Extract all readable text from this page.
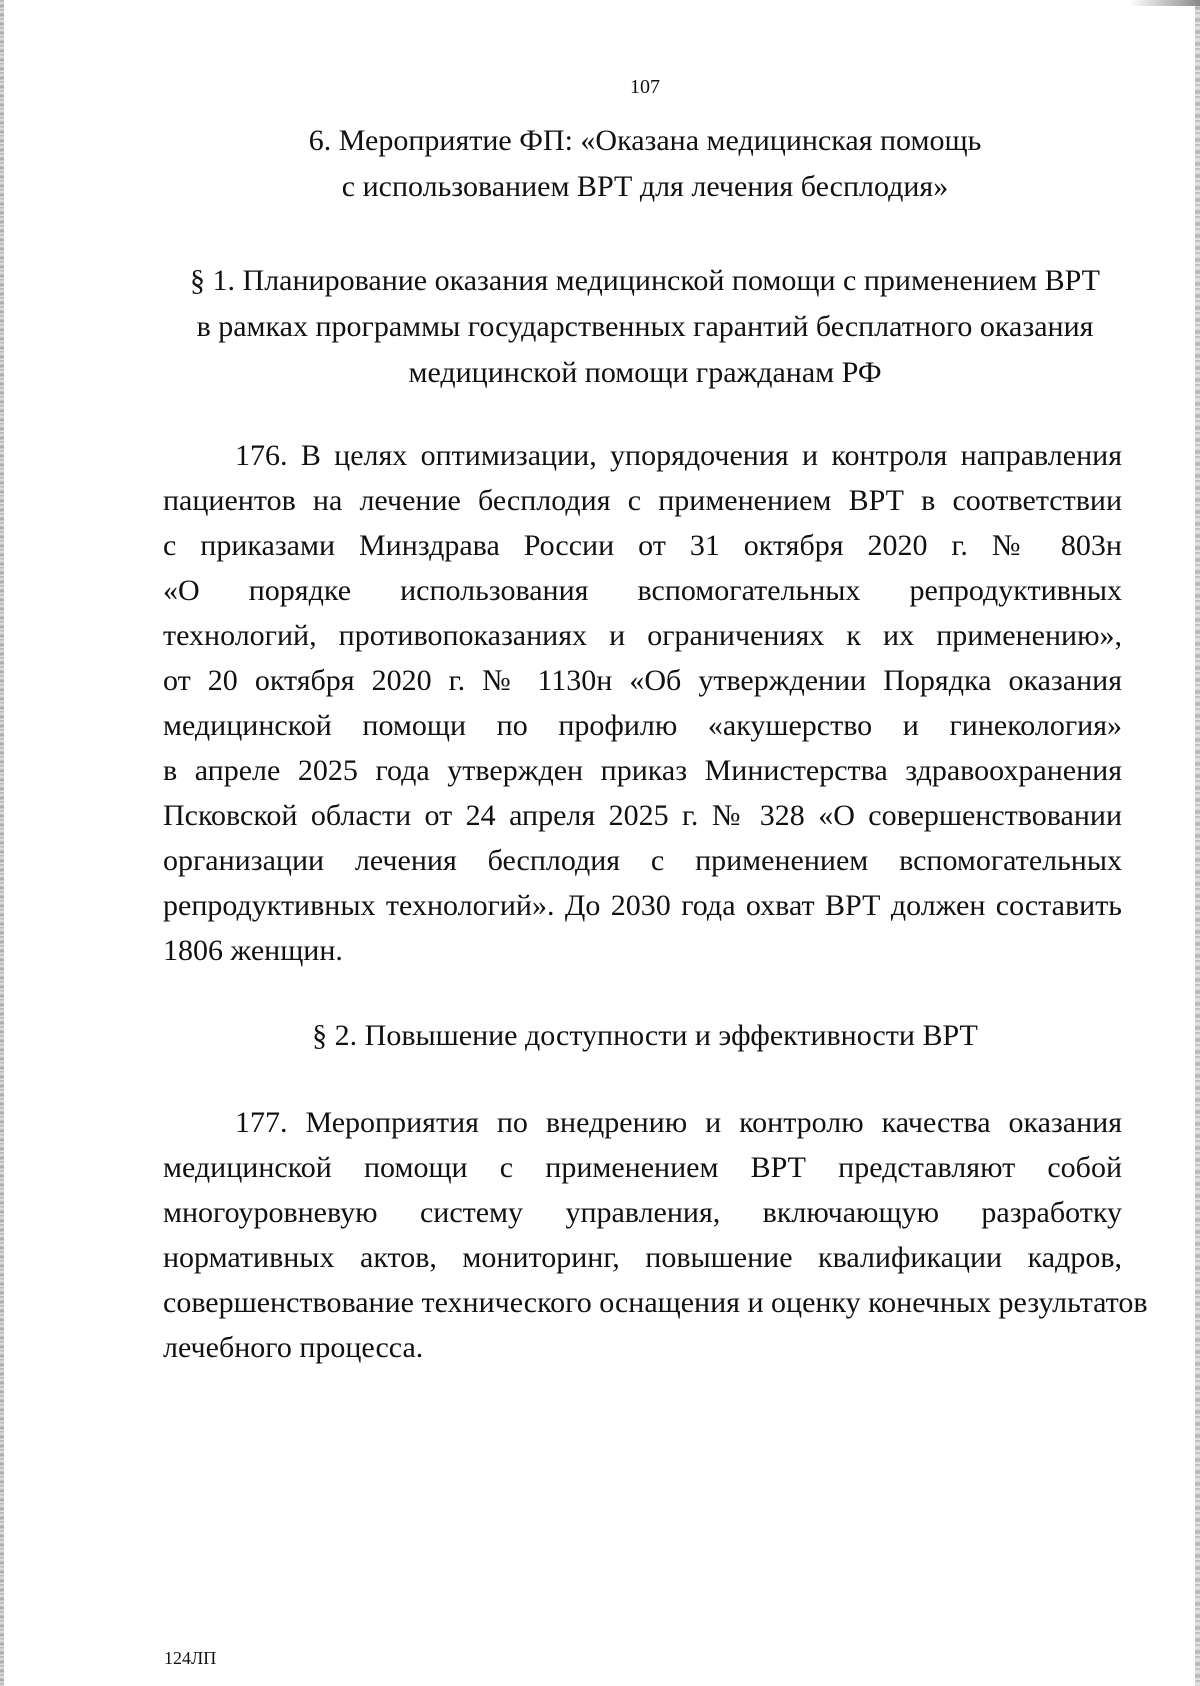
107
6. Мероприятие ФП: «Оказана медицинская помощь
с использованием ВРТ для лечения бесплодия»
§ 1. Планирование оказания медицинской помощи с применением ВРТ
в рамках программы государственных гарантий бесплатного оказания
медицинской помощи гражданам РФ
176. В целях оптимизации, упорядочения и контроля направления
пациентов на лечение бесплодия с применением ВРТ в соответствии
с приказами Минздрава России от 31 октября 2020 г. № 803н
«О порядке использования вспомогательных репродуктивных
технологий, противопоказаниях и ограничениях к их применению»,
от 20 октября 2020 г. № 1130н «Об утверждении Порядка оказания
медицинской помощи по профилю «акушерство и гинекология»
в апреле 2025 года утвержден приказ Министерства здравоохранения
Псковской области от 24 апреля 2025 г. № 328 «О совершенствовании
организации лечения бесплодия с применением вспомогательных
репродуктивных технологий». До 2030 года охват ВРТ должен составить
1806 женщин.
§ 2. Повышение доступности и эффективности ВРТ
177. Мероприятия по внедрению и контролю качества оказания
медицинской помощи с применением ВРТ представляют собой
многоуровневую систему управления, включающую разработку
нормативных актов, мониторинг, повышение квалификации кадров,
совершенствование технического оснащения и оценку конечных результатов
лечебного процесса.
124ЛП
